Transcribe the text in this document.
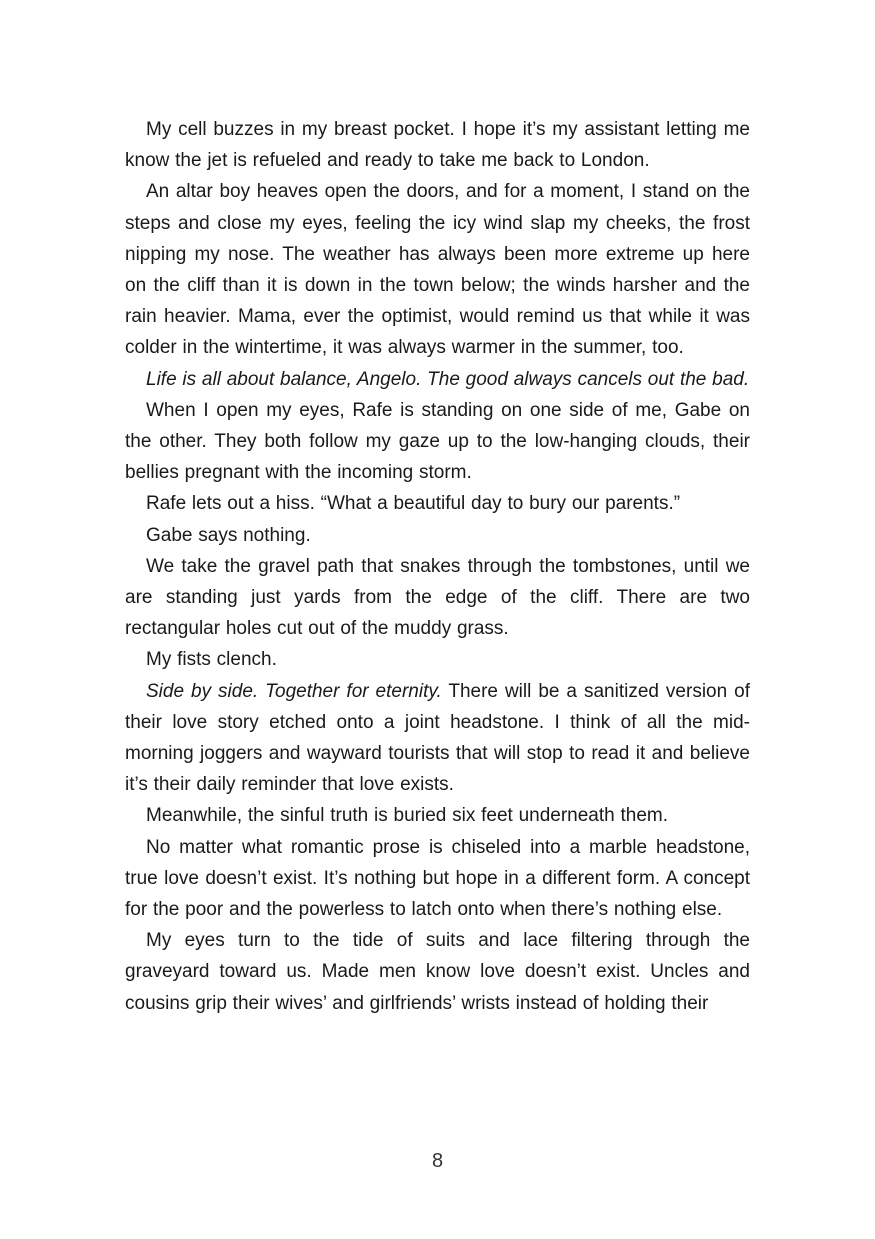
My cell buzzes in my breast pocket. I hope it’s my assistant letting me know the jet is refueled and ready to take me back to London.

An altar boy heaves open the doors, and for a moment, I stand on the steps and close my eyes, feeling the icy wind slap my cheeks, the frost nipping my nose. The weather has always been more extreme up here on the cliff than it is down in the town below; the winds harsher and the rain heavier. Mama, ever the optimist, would remind us that while it was colder in the wintertime, it was always warmer in the summer, too.

Life is all about balance, Angelo. The good always cancels out the bad.

When I open my eyes, Rafe is standing on one side of me, Gabe on the other. They both follow my gaze up to the low-hanging clouds, their bellies pregnant with the incoming storm.

Rafe lets out a hiss. “What a beautiful day to bury our parents.”

Gabe says nothing.

We take the gravel path that snakes through the tombstones, until we are standing just yards from the edge of the cliff. There are two rectangular holes cut out of the muddy grass.

My fists clench.

Side by side. Together for eternity. There will be a sanitized version of their love story etched onto a joint headstone. I think of all the mid-morning joggers and wayward tourists that will stop to read it and believe it’s their daily reminder that love exists.

Meanwhile, the sinful truth is buried six feet underneath them.

No matter what romantic prose is chiseled into a marble headstone, true love doesn’t exist. It’s nothing but hope in a different form. A concept for the poor and the powerless to latch onto when there’s nothing else.

My eyes turn to the tide of suits and lace filtering through the graveyard toward us. Made men know love doesn’t exist. Uncles and cousins grip their wives’ and girlfriends’ wrists instead of holding their

8
